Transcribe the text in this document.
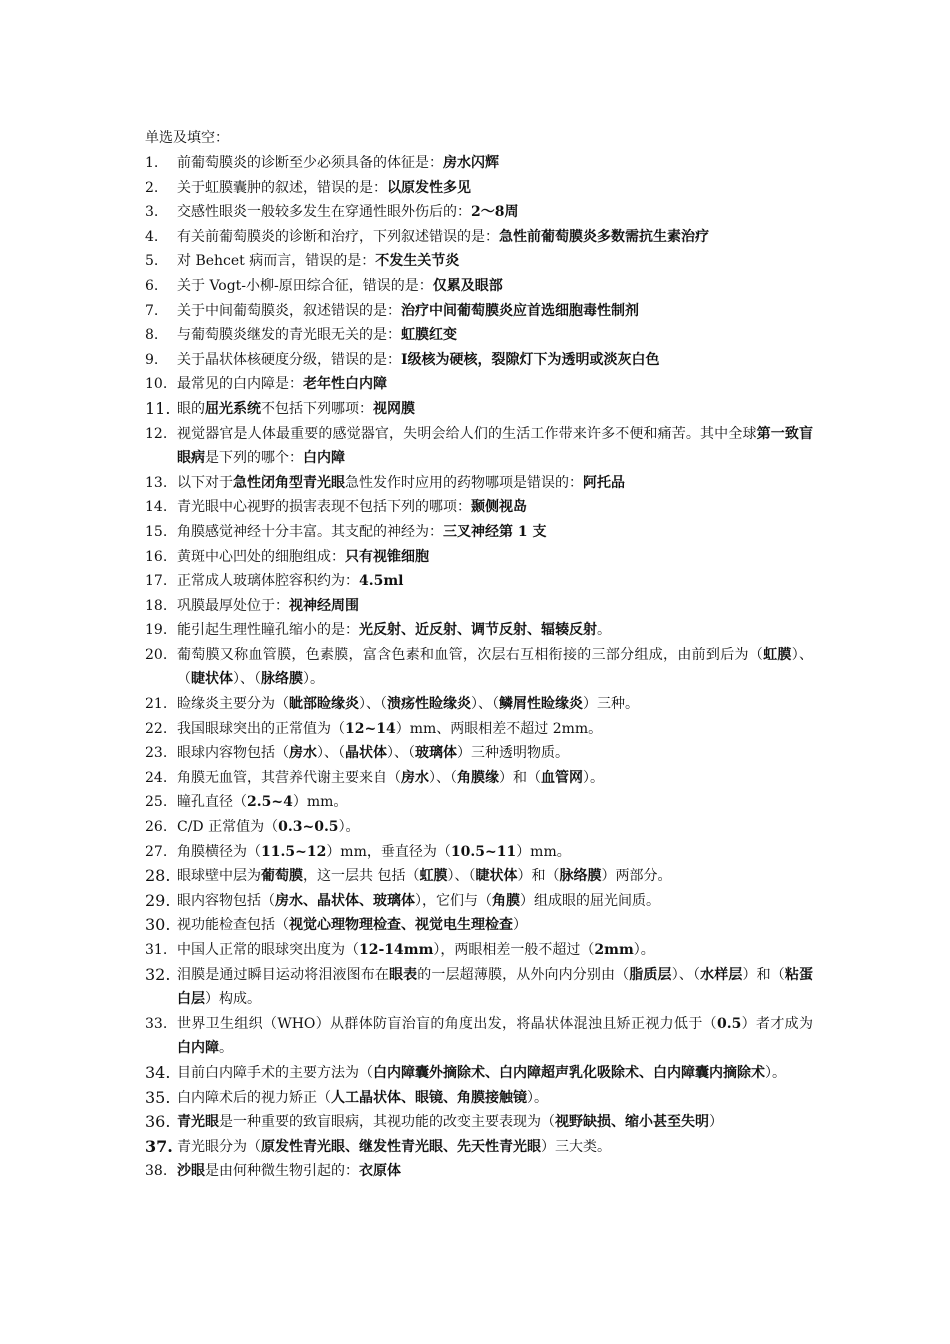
单选及填空：
1.	前葡萄膜炎的诊断至少必须具备的体征是：房水闪辉
2.	关于虹膜囊肿的叙述，错误的是：以原发性多见
3.	交感性眼炎一般较多发生在穿通性眼外伤后的：2～8周
4.	有关前葡萄膜炎的诊断和治疗，下列叙述错误的是：急性前葡萄膜炎多数需抗生素治疗
5.	对 Behcet 病而言，错误的是：不发生关节炎
6.	关于 Vogt-小柳-原田综合征，错误的是：仅累及眼部
7.	关于中间葡萄膜炎，叙述错误的是：治疗中间葡萄膜炎应首选细胞毒性制剂
8.	与葡萄膜炎继发的青光眼无关的是：虹膜红变
9.	关于晶状体核硬度分级，错误的是：Ⅰ级核为硬核，裂隙灯下为透明或淡灰白色
10. 最常见的白内障是：老年性白内障
11. 眼的屈光系统不包括下列哪项：视网膜
12. 视觉器官是人体最重要的感觉器官，失明会给人们的生活工作带来许多不便和痛苦。其中全球第一致盲眼病是下列的哪个：白内障
13. 以下对于急性闭角型青光眼急性发作时应用的药物哪项是错误的：阿托品
14. 青光眼中心视野的损害表现不包括下列的哪项：颞侧视岛
15. 角膜感觉神经十分丰富。其支配的神经为：三叉神经第 1 支
16. 黄斑中心凹处的细胞组成：只有视锥细胞
17. 正常成人玻璃体腔容积约为：4.5ml
18. 巩膜最厚处位于：视神经周围
19. 能引起生理性瞳孔缩小的是：光反射、近反射、调节反射、辐辏反射。
20. 葡萄膜又称血管膜，色素膜，富含色素和血管，次层右互相衔接的三部分组成，由前到后为（虹膜）、（睫状体）、（脉络膜）。
21. 睑缘炎主要分为（眦部睑缘炎）、（溃疡性睑缘炎）、（鳞屑性睑缘炎）三种。
22. 我国眼球突出的正常值为（12~14）mm、两眼相差不超过 2mm。
23. 眼球内容物包括（房水）、（晶状体）、（玻璃体）三种透明物质。
24. 角膜无血管，其营养代谢主要来自（房水）、（角膜缘）和（血管网）。
25. 瞳孔直径（2.5~4）mm。
26. C/D 正常值为（0.3~0.5）。
27. 角膜横径为（11.5~12）mm，垂直径为（10.5~11）mm。
28. 眼球壁中层为葡萄膜，这一层共 包括（虹膜）、（睫状体）和（脉络膜）两部分。
29. 眼内容物包括（房水、晶状体、玻璃体），它们与（角膜）组成眼的屈光间质。
30. 视功能检查包括（视觉心理物理检查、视觉电生理检查）
31. 中国人正常的眼球突出度为（12-14mm），两眼相差一般不超过（2mm）。
32. 泪膜是通过瞬目运动将泪液图布在眼表的一层超薄膜，从外向内分别由（脂质层）、（水样层）和（粘蛋白层）构成。
33. 世界卫生组织（WHO）从群体防盲治盲的角度出发，将晶状体混浊且矫正视力低于（0.5）者才成为白内障。
34. 目前白内障手术的主要方法为（白内障囊外摘除术、白内障超声乳化吸除术、白内障囊内摘除术）。
35. 白内障术后的视力矫正（人工晶状体、眼镜、角膜接触镜）。
36. 青光眼是一种重要的致盲眼病，其视功能的改变主要表现为（视野缺损、缩小甚至失明）
37. 青光眼分为（原发性青光眼、继发性青光眼、先天性青光眼）三大类。
38. 沙眼是由何种微生物引起的：衣原体
